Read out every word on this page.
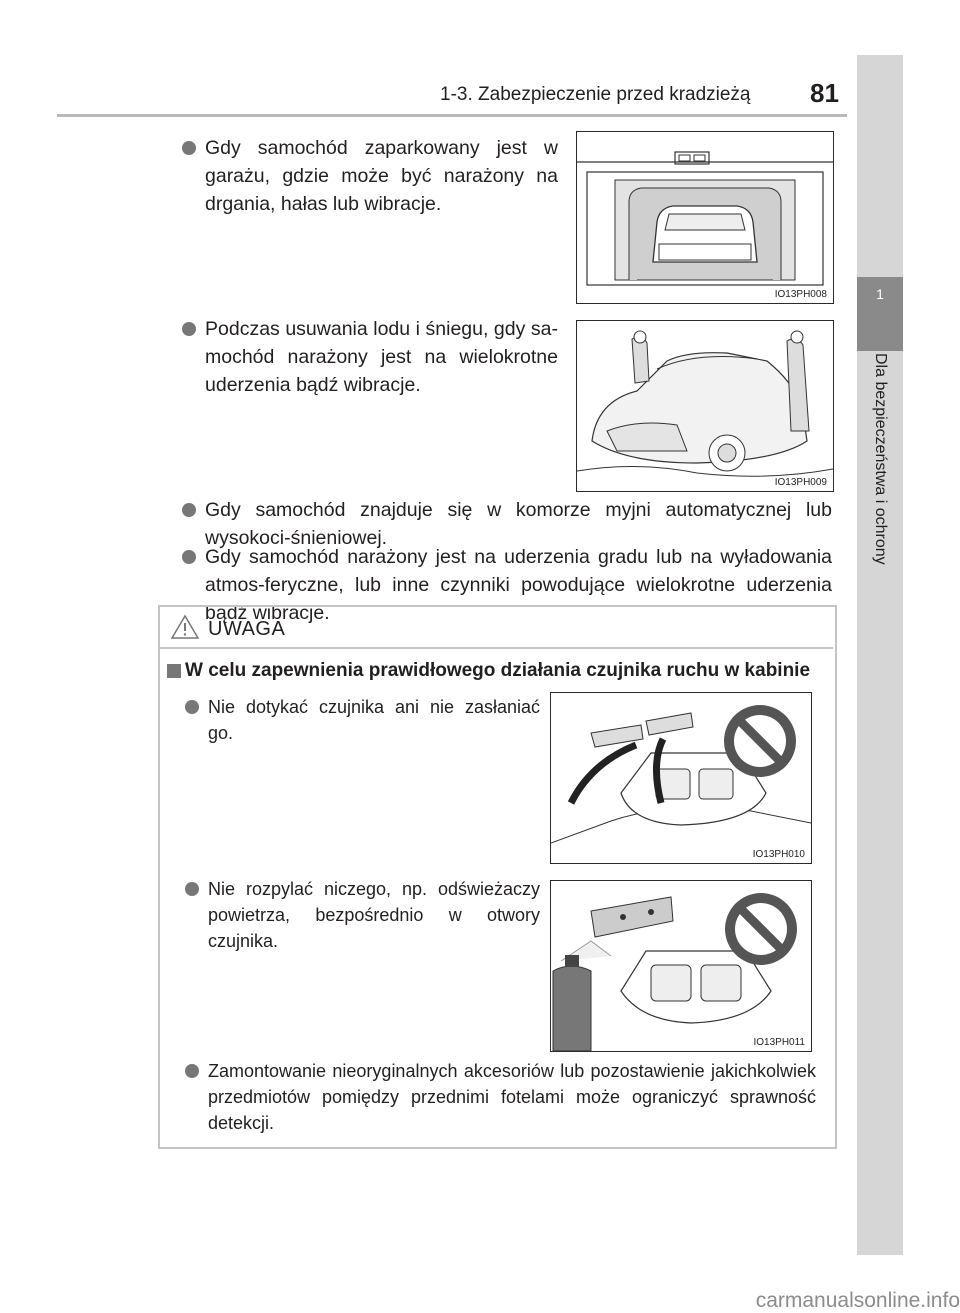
1-3. Zabezpieczenie przed kradzieżą 81
1
Dla bezpieczeństwa i ochrony
Gdy samochód zaparkowany jest w garażu, gdzie może być narażony na drgania, hałas lub wibracje.
IO13PH008
Podczas usuwania lodu i śniegu, gdy sa-mochód narażony jest na wielokrotne uderzenia bądź wibracje.
IO13PH009
Gdy samochód znajduje się w komorze myjni automatycznej lub wysokoci-śnieniowej.
Gdy samochód narażony jest na uderzenia gradu lub na wyładowania atmos-feryczne, lub inne czynniki powodujące wielokrotne uderzenia bądź wibracje.
UWAGA
W celu zapewnienia prawidłowego działania czujnika ruchu w kabinie
Nie dotykać czujnika ani nie zasłaniać go.
IO13PH010
Nie rozpylać niczego, np. odświeżaczy powietrza, bezpośrednio w otwory czujnika.
IO13PH011
Zamontowanie nieoryginalnych akcesoriów lub pozostawienie jakichkolwiek przedmiotów pomiędzy przednimi fotelami może ograniczyć sprawność detekcji.
carmanualsonline.info
